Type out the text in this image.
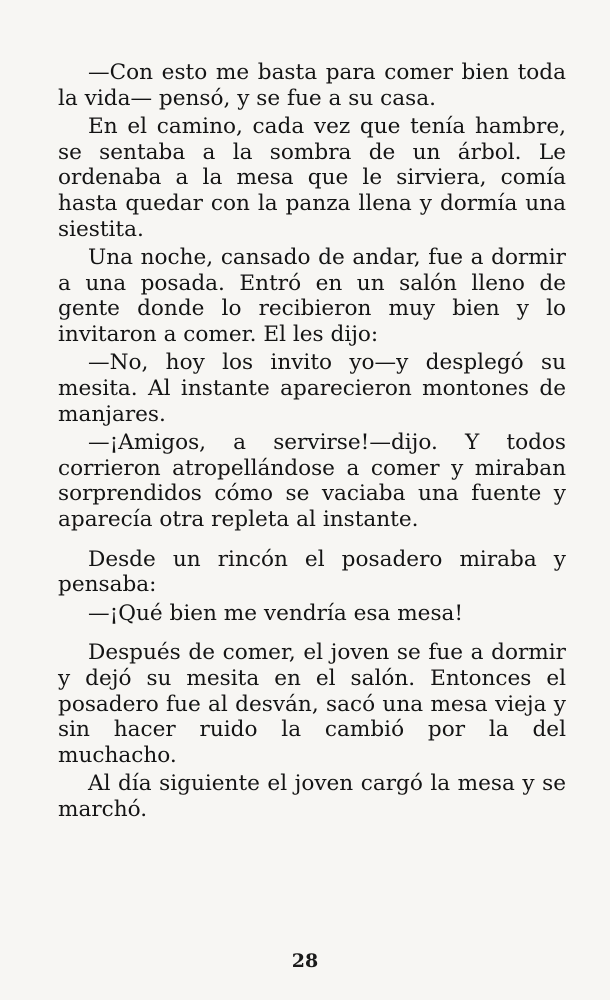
—Con esto me basta para comer bien toda la vida— pensó, y se fue a su casa.

En el camino, cada vez que tenía hambre, se sentaba a la sombra de un árbol. Le ordenaba a la mesa que le sirviera, comía hasta quedar con la panza llena y dormía una siestita.

Una noche, cansado de andar, fue a dormir a una posada. Entró en un salón lleno de gente donde lo recibieron muy bien y lo invitaron a comer. El les dijo:

—No, hoy los invito yo—y desplegó su mesita. Al instante aparecieron montones de manjares.

—¡Amigos, a servirse!—dijo. Y todos corrieron atropellándose a comer y miraban sorprendidos cómo se vaciaba una fuente y aparecía otra repleta al instante.

Desde un rincón el posadero miraba y pensaba:

—¡Qué bien me vendría esa mesa!

Después de comer, el joven se fue a dormir y dejó su mesita en el salón. Entonces el posadero fue al desván, sacó una mesa vieja y sin hacer ruido la cambió por la del muchacho.

Al día siguiente el joven cargó la mesa y se marchó.

28
